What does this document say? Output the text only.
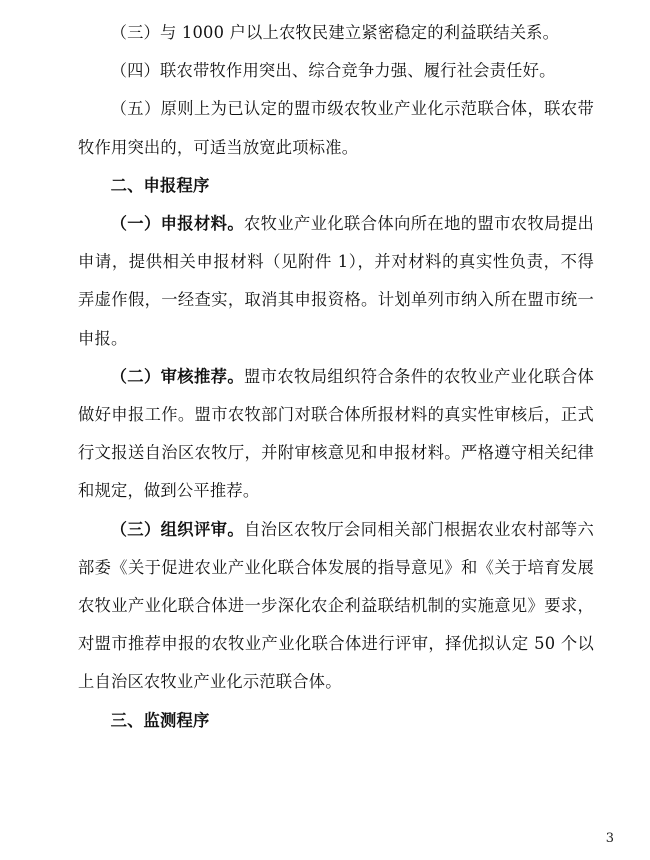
（三）与 1000 户以上农牧民建立紧密稳定的利益联结关系。

（四）联农带牧作用突出、综合竞争力强、履行社会责任好。

（五）原则上为已认定的盟市级农牧业产业化示范联合体，联农带牧作用突出的，可适当放宽此项标准。

二、申报程序

（一）申报材料。农牧业产业化联合体向所在地的盟市农牧局提出申请，提供相关申报材料（见附件 1），并对材料的真实性负责，不得弄虚作假，一经查实，取消其申报资格。计划单列市纳入所在盟市统一申报。

（二）审核推荐。盟市农牧局组织符合条件的农牧业产业化联合体做好申报工作。盟市农牧部门对联合体所报材料的真实性审核后，正式行文报送自治区农牧厅，并附审核意见和申报材料。严格遵守相关纪律和规定，做到公平推荐。

（三）组织评审。自治区农牧厅会同相关部门根据农业农村部等六部委《关于促进农业产业化联合体发展的指导意见》和《关于培育发展农牧业产业化联合体进一步深化农企利益联结机制的实施意见》要求，对盟市推荐申报的农牧业产业化联合体进行评审，择优拟认定 50 个以上自治区农牧业产业化示范联合体。

三、监测程序

3
